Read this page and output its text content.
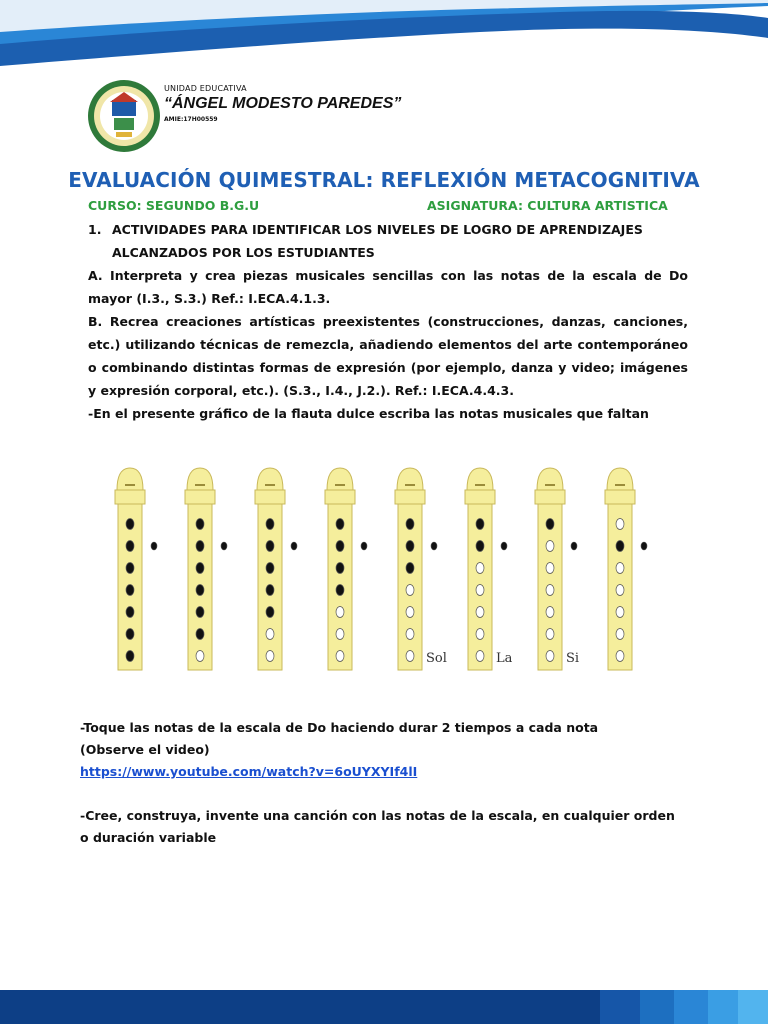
UNIDAD EDUCATIVA
“ÁNGEL MODESTO PAREDES”
AMIE:17H00559
EVALUACIÓN QUIMESTRAL: REFLEXIÓN METACOGNITIVA
CURSO: SEGUNDO B.G.U	ASIGNATURA: CULTURA ARTISTICA
1. ACTIVIDADES PARA IDENTIFICAR LOS NIVELES DE LOGRO DE APRENDIZAJES ALCANZADOS POR LOS ESTUDIANTES
A. Interpreta y crea piezas musicales sencillas con las notas de la escala de Do mayor (I.3., S.3.) Ref.: I.ECA.4.1.3.
B. Recrea creaciones artísticas preexistentes (construcciones, danzas, canciones, etc.) utilizando técnicas de remezcla, añadiendo elementos del arte contemporáneo o combinando distintas formas de expresión (por ejemplo, danza y video; imágenes y expresión corporal, etc.). (S.3., I.4., J.2.). Ref.: I.ECA.4.4.3.
-En el presente gráfico de la flauta dulce escriba las notas musicales que faltan
Sol	La	Si
-Toque las notas de la escala de Do haciendo durar 2 tiempos a cada nota
(Observe el video)
https://www.youtube.com/watch?v=6oUYXYIf4lI
-Cree, construya, invente una canción con las notas de la escala, en cualquier orden o duración variable
